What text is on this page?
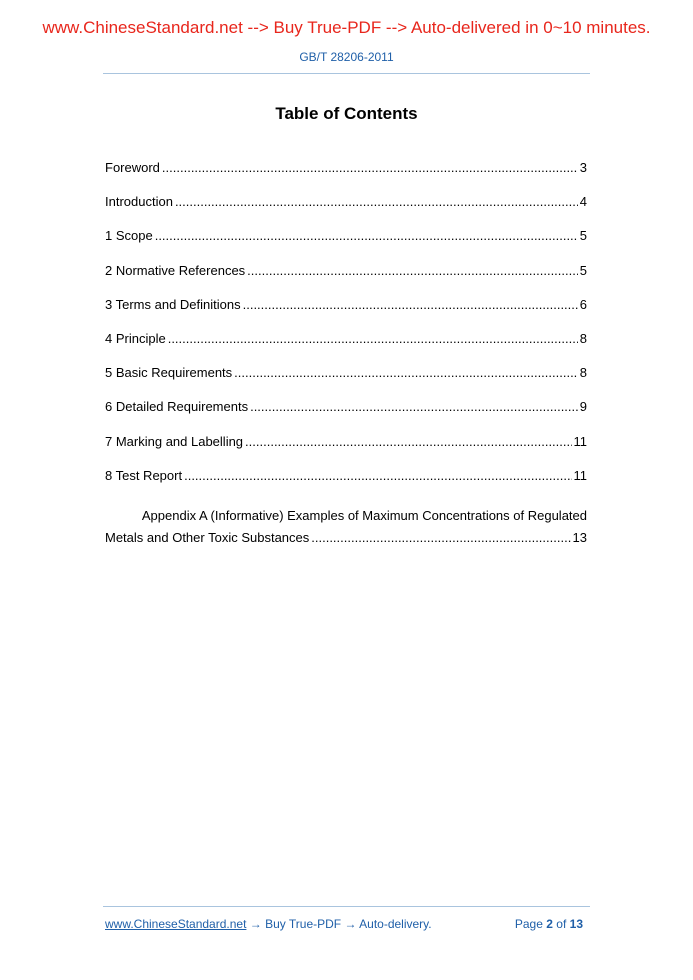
www.ChineseStandard.net --> Buy True-PDF --> Auto-delivered in 0~10 minutes.
GB/T 28206-2011
Table of Contents
Foreword .....	3
Introduction .....	4
1 Scope .....	5
2 Normative References .....	5
3 Terms and Definitions .....	6
4 Principle .....	8
5 Basic Requirements .....	8
6 Detailed Requirements .....	9
7 Marking and Labelling .....	11
8 Test Report .....	11
Appendix A (Informative) Examples of Maximum Concentrations of Regulated
Metals and Other Toxic Substances .....	13
www.ChineseStandard.net → Buy True-PDF → Auto-delivery.	Page 2 of 13
